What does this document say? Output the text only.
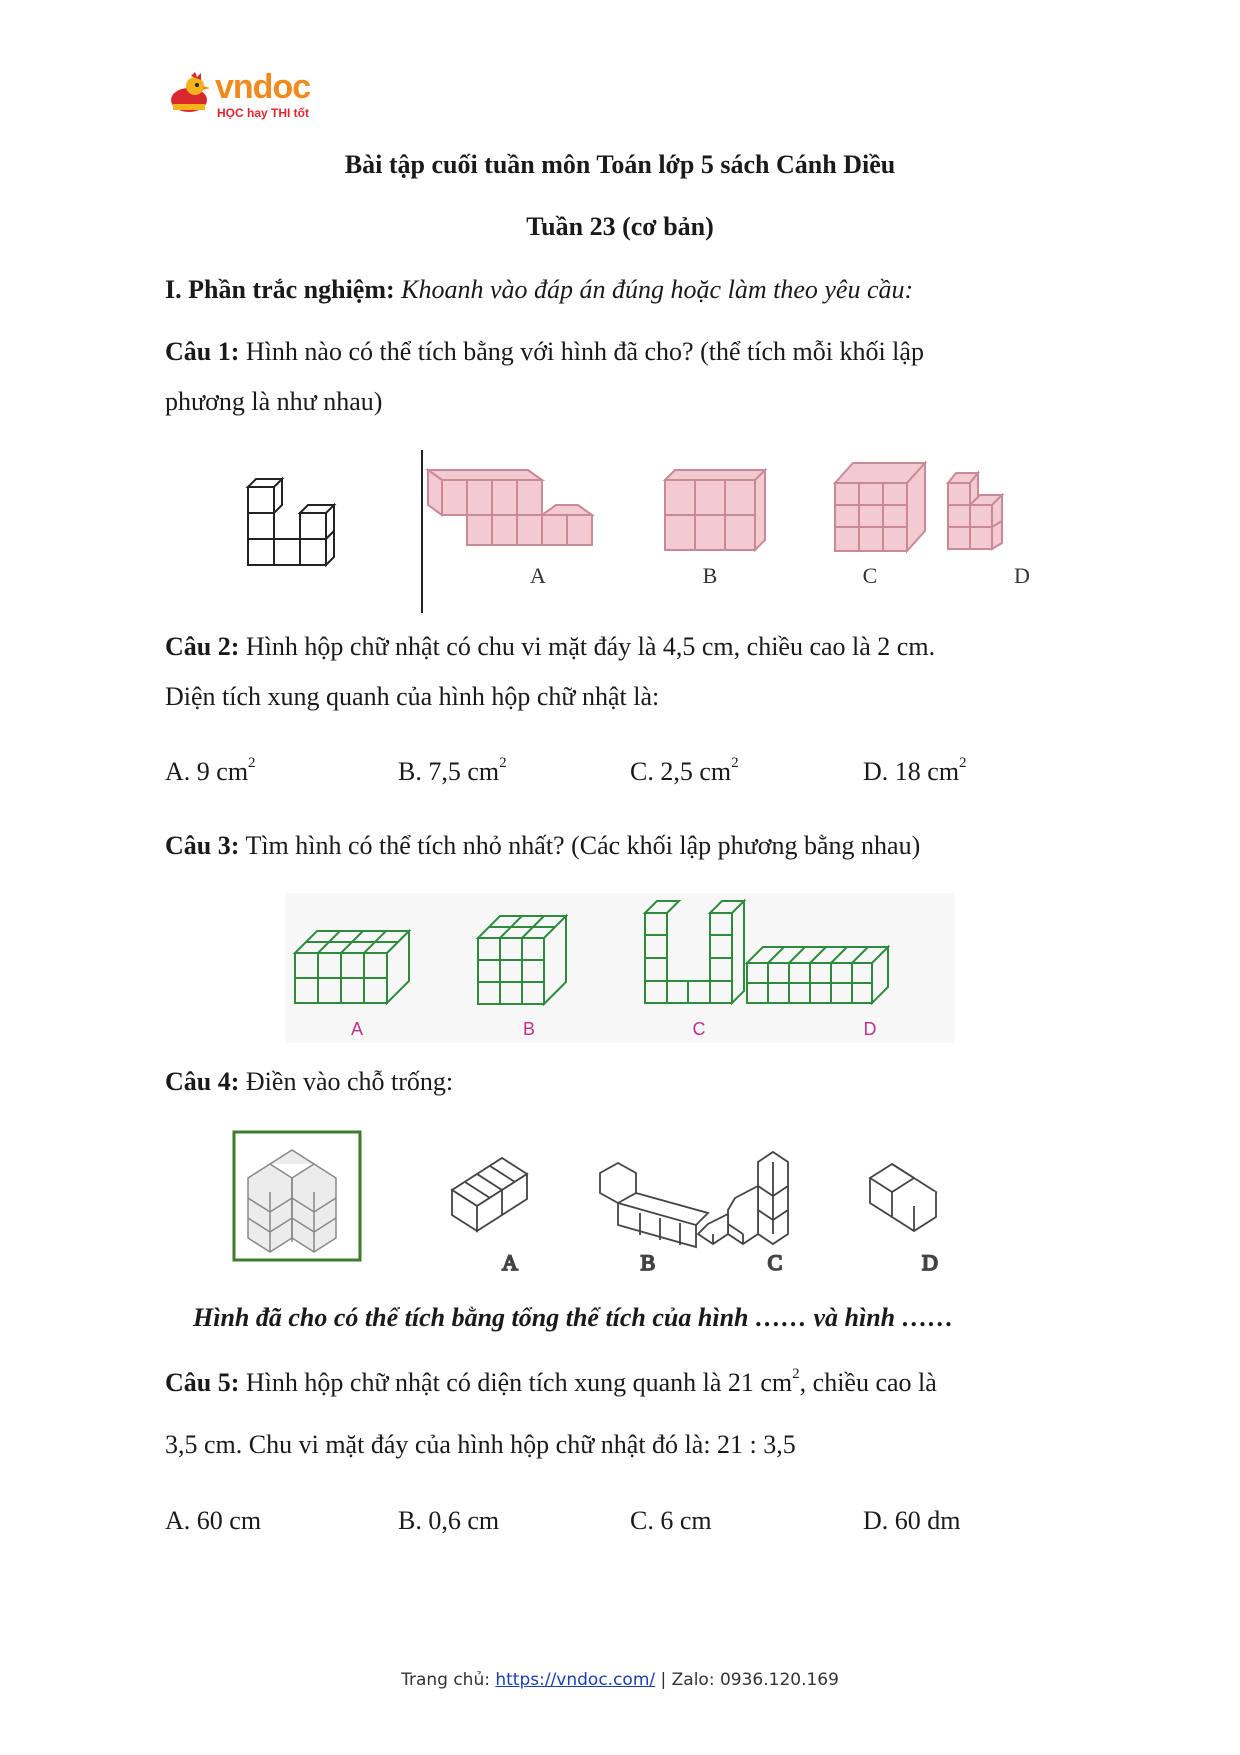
vndoc
HỌC hay THI tốt
Bài tập cuối tuần môn Toán lớp 5 sách Cánh Diều
Tuần 23 (cơ bản)
I. Phần trắc nghiệm: Khoanh vào đáp án đúng hoặc làm theo yêu cầu:
Câu 1: Hình nào có thể tích bằng với hình đã cho? (thể tích mỗi khối lập
phương là như nhau)
A	B	C	D
Câu 2: Hình hộp chữ nhật có chu vi mặt đáy là 4,5 cm, chiều cao là 2 cm.
Diện tích xung quanh của hình hộp chữ nhật là:
A. 9 $cm^2$	B. 7,5 $cm^2$	C. 2,5 $cm^2$	D. 18 $cm^2$
Câu 3: Tìm hình có thể tích nhỏ nhất? (Các khối lập phương bằng nhau)
A	B	C	D
Câu 4: Điền vào chỗ trống:
A	B	C	D
Hình đã cho có thể tích bằng tổng thể tích của hình …… và hình ……
Câu 5: Hình hộp chữ nhật có diện tích xung quanh là 21 $cm^2$, chiều cao là
3,5 cm. Chu vi mặt đáy của hình hộp chữ nhật đó là: 21 : 3,5
A. 60 cm	B. 0,6 cm	C. 6 cm	D. 60 dm
Trang chủ: https://vndoc.com/ | Zalo: 0936.120.169
